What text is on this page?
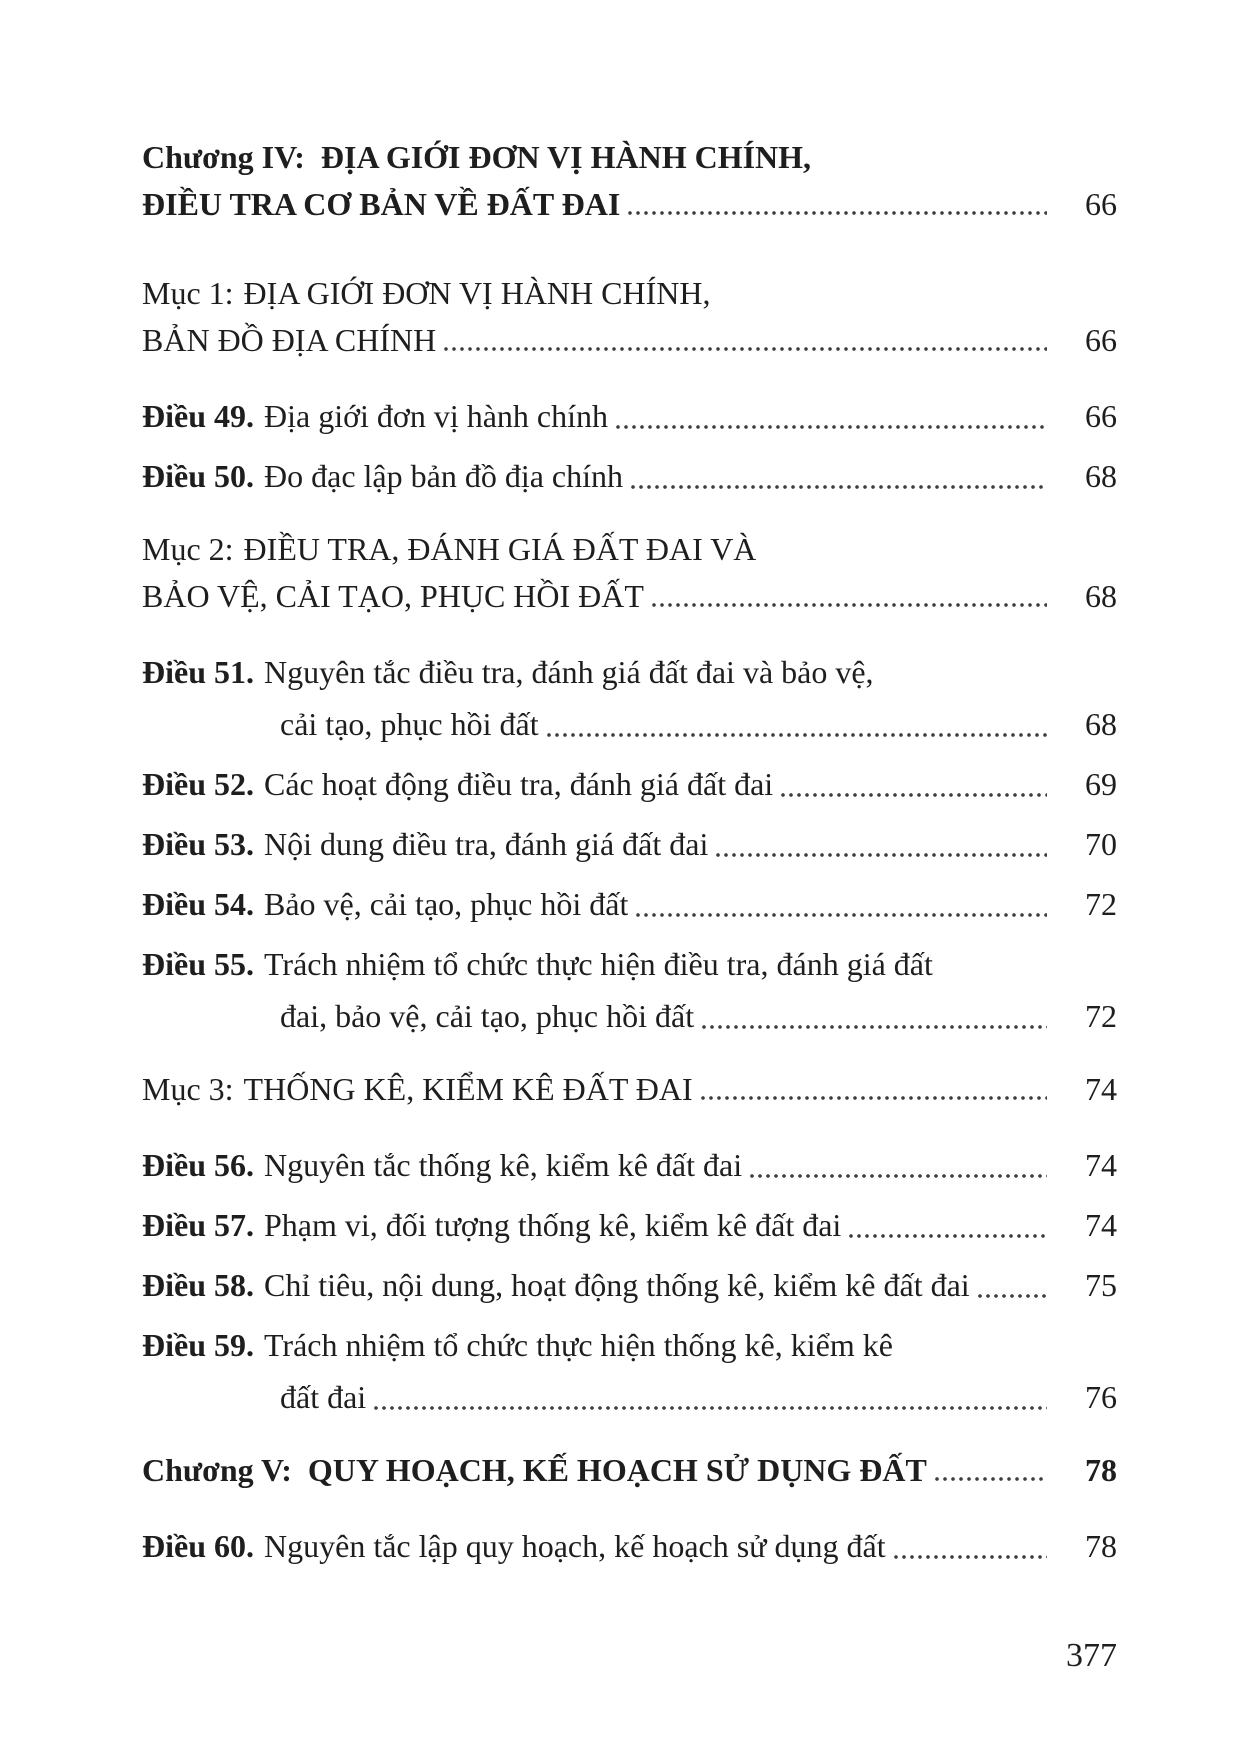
Chương IV: ĐỊA GIỚI ĐƠN VỊ HÀNH CHÍNH,
ĐIỀU TRA CƠ BẢN VỀ ĐẤT ĐAI	66
Mục 1: ĐỊA GIỚI ĐƠN VỊ HÀNH CHÍNH,
BẢN ĐỒ ĐỊA CHÍNH	66
Điều 49. Địa giới đơn vị hành chính	66
Điều 50. Đo đạc lập bản đồ địa chính	68
Mục 2: ĐIỀU TRA, ĐÁNH GIÁ ĐẤT ĐAI VÀ
BẢO VỆ, CẢI TẠO, PHỤC HỒI ĐẤT	68
Điều 51. Nguyên tắc điều tra, đánh giá đất đai và bảo vệ,
cải tạo, phục hồi đất	68
Điều 52. Các hoạt động điều tra, đánh giá đất đai	69
Điều 53. Nội dung điều tra, đánh giá đất đai	70
Điều 54. Bảo vệ, cải tạo, phục hồi đất	72
Điều 55. Trách nhiệm tổ chức thực hiện điều tra, đánh giá đất
đai, bảo vệ, cải tạo, phục hồi đất	72
Mục 3: THỐNG KÊ, KIỂM KÊ ĐẤT ĐAI	74
Điều 56. Nguyên tắc thống kê, kiểm kê đất đai	74
Điều 57. Phạm vi, đối tượng thống kê, kiểm kê đất đai	74
Điều 58. Chỉ tiêu, nội dung, hoạt động thống kê, kiểm kê đất đai	75
Điều 59. Trách nhiệm tổ chức thực hiện thống kê, kiểm kê
đất đai	76
Chương V: QUY HOẠCH, KẾ HOẠCH SỬ DỤNG ĐẤT	78
Điều 60. Nguyên tắc lập quy hoạch, kế hoạch sử dụng đất	78
377
